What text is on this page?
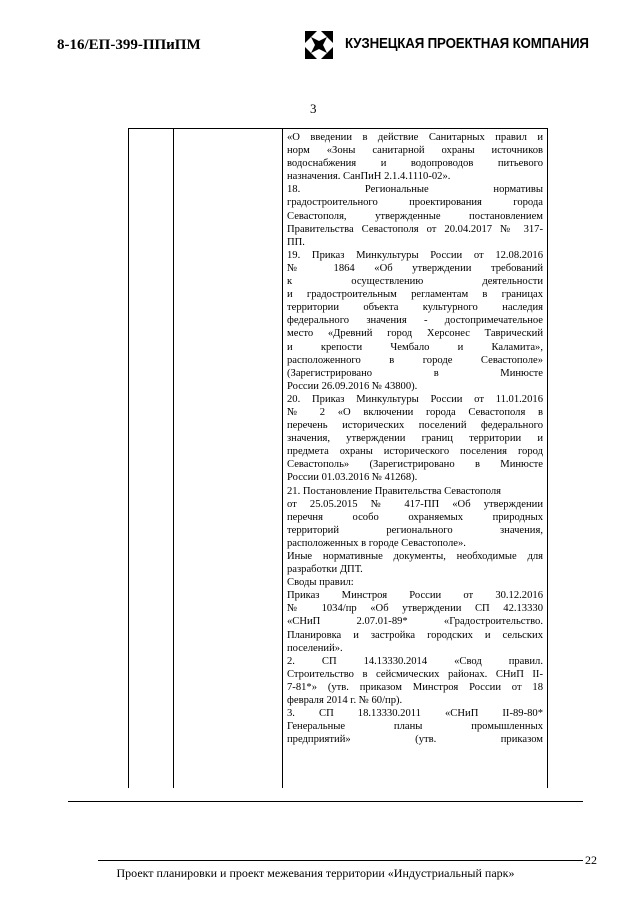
8-16/ЕП-399-ППиПМ	КУЗНЕЦКАЯ ПРОЕКТНАЯ КОМПАНИЯ
3

«О введении в действие Санитарных правил и

норм «Зоны санитарной охраны источников

водоснабжения и водопроводов питьевого

назначения. СанПиН 2.1.4.1110-02».

18. Региональные нормативы

градостроительного проектирования города

Севастополя, утвержденные постановлением

Правительства Севастополя от 20.04.2017 № 317-

ПП.

19. Приказ Минкультуры России от 12.08.2016

№ 1864 «Об утверждении требований

к осуществлению деятельности

и градостроительным регламентам в границах

территории объекта культурного наследия

федерального значения - достопримечательное

место «Древний город Херсонес Таврический

и крепости Чембало и Каламита»,

расположенного в городе Севастополе»

(Зарегистрировано в Минюсте

России 26.09.2016 № 43800).

20. Приказ Минкультуры России от 11.01.2016

№ 2 «О включении города Севастополя в

перечень исторических поселений федерального

значения, утверждении границ территории и

предмета охраны исторического поселения город

Севастополь» (Зарегистрировано в Минюсте

России 01.03.2016 № 41268).

21. Постановление Правительства Севастополя

от 25.05.2015 № 417-ПП «Об утверждении

перечня особо охраняемых природных

территорий регионального значения,

расположенных в городе Севастополе».

Иные нормативные документы, необходимые для

разработки ДПТ.

Своды правил:

Приказ Минстроя России от 30.12.2016

№ 1034/пр «Об утверждении СП 42.13330

«СНиП 2.07.01-89* «Градостроительство.

Планировка и застройка городских и сельских

поселений».

2. СП 14.13330.2014 «Свод правил.

Строительство в сейсмических районах. СНиП II-

7-81*» (утв. приказом Минстроя России от 18

февраля 2014 г. № 60/пр).

3. СП 18.13330.2011 «СНиП II-89-80*

Генеральные планы промышленных

предприятий» (утв. приказом

22
Проект планировки и проект межевания территории «Индустриальный парк»
